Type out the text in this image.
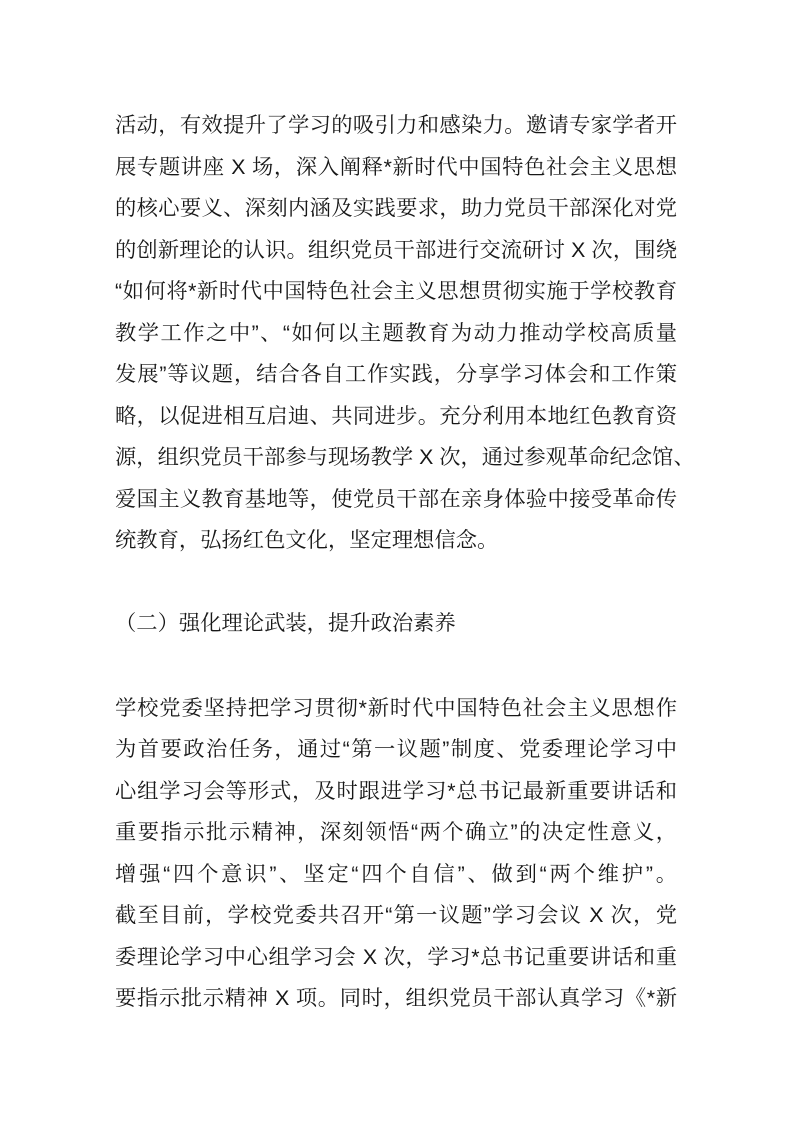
活动，有效提升了学习的吸引力和感染力。邀请专家学者开
展专题讲座 X 场，深入阐释*新时代中国特色社会主义思想
的核心要义、深刻内涵及实践要求，助力党员干部深化对党
的创新理论的认识。组织党员干部进行交流研讨 X 次，围绕
“如何将*新时代中国特色社会主义思想贯彻实施于学校教育
教学工作之中”、“如何以主题教育为动力推动学校高质量
发展”等议题，结合各自工作实践，分享学习体会和工作策
略，以促进相互启迪、共同进步。充分利用本地红色教育资
源，组织党员干部参与现场教学 X 次，通过参观革命纪念馆、
爱国主义教育基地等，使党员干部在亲身体验中接受革命传
统教育，弘扬红色文化，坚定理想信念。
（二）强化理论武装，提升政治素养
学校党委坚持把学习贯彻*新时代中国特色社会主义思想作
为首要政治任务，通过“第一议题”制度、党委理论学习中
心组学习会等形式，及时跟进学习*总书记最新重要讲话和
重要指示批示精神，深刻领悟“两个确立”的决定性意义，
增强“四个意识”、坚定“四个自信”、做到“两个维护”。
截至目前，学校党委共召开“第一议题”学习会议 X 次，党
委理论学习中心组学习会 X 次，学习*总书记重要讲话和重
要指示批示精神 X 项。同时，组织党员干部认真学习《*新
